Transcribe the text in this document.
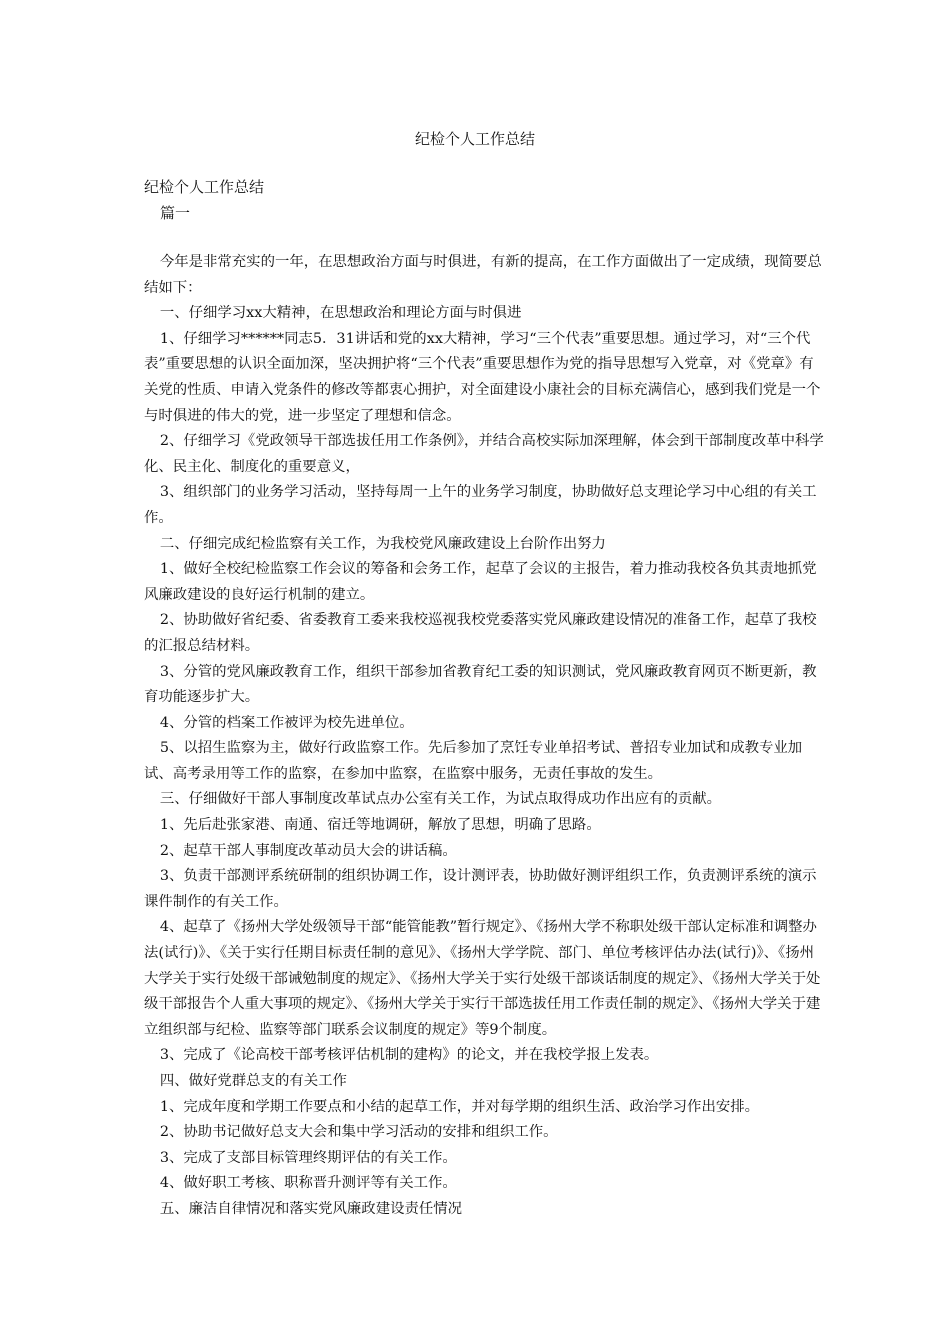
纪检个人工作总结
纪检个人工作总结
篇一

今年是非常充实的一年，在思想政治方面与时俱进，有新的提高，在工作方面做出了一定成绩，现简要总结如下：

一、仔细学习xx大精神，在思想政治和理论方面与时俱进

1、仔细学习******同志5．31讲话和党的xx大精神，学习“三个代表”重要思想。通过学习，对“三个代表”重要思想的认识全面加深，坚决拥护将“三个代表”重要思想作为党的指导思想写入党章，对《党章》有关党的性质、申请入党条件的修改等都衷心拥护，对全面建设小康社会的目标充满信心，感到我们党是一个与时俱进的伟大的党，进一步坚定了理想和信念。

2、仔细学习《党政领导干部选拔任用工作条例》，并结合高校实际加深理解，体会到干部制度改革中科学化、民主化、制度化的重要意义，

3、组织部门的业务学习活动，坚持每周一上午的业务学习制度，协助做好总支理论学习中心组的有关工作。

二、仔细完成纪检监察有关工作，为我校党风廉政建设上台阶作出努力

1、做好全校纪检监察工作会议的筹备和会务工作，起草了会议的主报告，着力推动我校各负其责地抓党风廉政建设的良好运行机制的建立。

2、协助做好省纪委、省委教育工委来我校巡视我校党委落实党风廉政建设情况的准备工作，起草了我校的汇报总结材料。

3、分管的党风廉政教育工作，组织干部参加省教育纪工委的知识测试，党风廉政教育网页不断更新，教育功能逐步扩大。

4、分管的档案工作被评为校先进单位。

5、以招生监察为主，做好行政监察工作。先后参加了烹饪专业单招考试、普招专业加试和成教专业加试、高考录用等工作的监察，在参加中监察，在监察中服务，无责任事故的发生。

三、仔细做好干部人事制度改革试点办公室有关工作，为试点取得成功作出应有的贡献。

1、先后赴张家港、南通、宿迁等地调研，解放了思想，明确了思路。

2、起草干部人事制度改革动员大会的讲话稿。

3、负责干部测评系统研制的组织协调工作，设计测评表，协助做好测评组织工作，负责测评系统的演示课件制作的有关工作。

4、起草了《扬州大学处级领导干部“能管能教”暂行规定》、《扬州大学不称职处级干部认定标准和调整办法(试行)》、《关于实行任期目标责任制的意见》、《扬州大学学院、部门、单位考核评估办法(试行)》、《扬州大学关于实行处级干部诫勉制度的规定》、《扬州大学关于实行处级干部谈话制度的规定》、《扬州大学关于处级干部报告个人重大事项的规定》、《扬州大学关于实行干部选拔任用工作责任制的规定》、《扬州大学关于建立组织部与纪检、监察等部门联系会议制度的规定》等9个制度。

3、完成了《论高校干部考核评估机制的建构》的论文，并在我校学报上发表。

四、做好党群总支的有关工作

1、完成年度和学期工作要点和小结的起草工作，并对每学期的组织生活、政治学习作出安排。

2、协助书记做好总支大会和集中学习活动的安排和组织工作。

3、完成了支部目标管理终期评估的有关工作。

4、做好职工考核、职称晋升测评等有关工作。

五、廉洁自律情况和落实党风廉政建设责任情况
